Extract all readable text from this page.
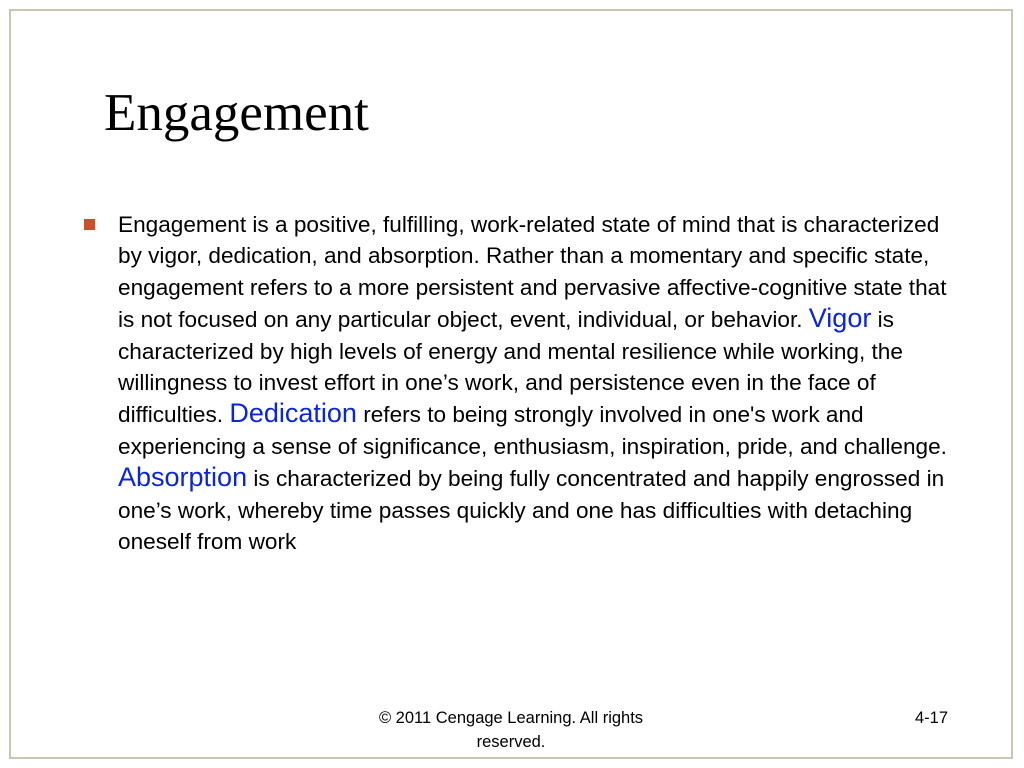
Engagement

Engagement is a positive, fulfilling, work-related state of mind that is characterized by vigor, dedication, and absorption. Rather than a momentary and specific state, engagement refers to a more persistent and pervasive affective-cognitive state that is not focused on any particular object, event, individual, or behavior. Vigor is characterized by high levels of energy and mental resilience while working, the willingness to invest effort in one’s work, and persistence even in the face of difficulties. Dedication refers to being strongly involved in one's work and experiencing a sense of significance, enthusiasm, inspiration, pride, and challenge. Absorption is characterized by being fully concentrated and happily engrossed in one’s work, whereby time passes quickly and one has difficulties with detaching oneself from work

© 2011 Cengage Learning. All rights reserved.
4-17
